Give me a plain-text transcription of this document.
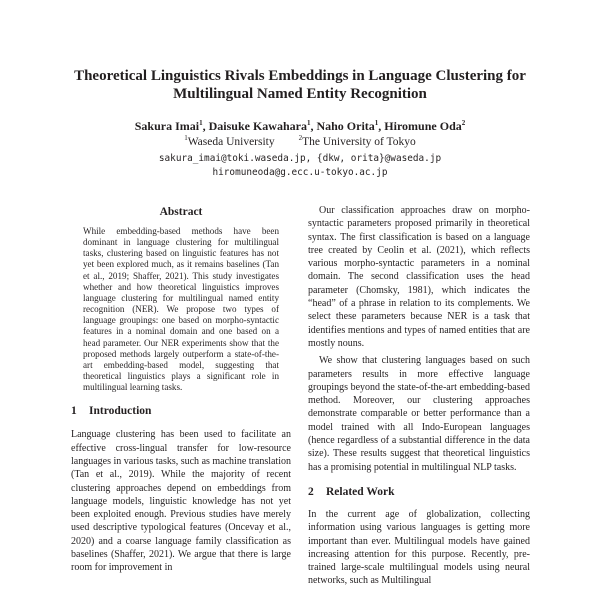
Theoretical Linguistics Rivals Embeddings in Language Clustering for
Multilingual Named Entity Recognition
Sakura Imai$^1$, Daisuke Kawahara$^1$, Naho Orita$^1$, Hiromune Oda$^2$
$^1$Waseda University	$^2$The University of Tokyo
sakura_imai@toki.waseda.jp, {dkw, orita}@waseda.jp
hiromuneoda@g.ecc.u-tokyo.ac.jp
Abstract

While embedding-based methods have been dominant in language clustering for multilingual tasks, clustering based on linguistic features has not yet been explored much, as it remains baselines (Tan et al., 2019; Shaffer, 2021). This study investigates whether and how theoretical linguistics improves language clustering for multilingual named entity recognition (NER). We propose two types of language groupings: one based on morpho-syntactic features in a nominal domain and one based on a head parameter. Our NER experiments show that the proposed methods largely outperform a state-of-the-art embedding-based model, suggesting that theoretical linguistics plays a significant role in multilingual learning tasks.

1 Introduction

Language clustering has been used to facilitate an effective cross-lingual transfer for low-resource languages in various tasks, such as machine translation (Tan et al., 2019). While the majority of recent clustering approaches depend on embeddings from language models, linguistic knowledge has not yet been exploited enough. Previous studies have merely used descriptive typological features (Oncevay et al., 2020) and a coarse language family classification as baselines (Shaffer, 2021). We argue that there is large room for improvement in

Our classification approaches draw on morpho-syntactic parameters proposed primarily in theoretical syntax. The first classification is based on a language tree created by Ceolin et al. (2021), which reflects various morpho-syntactic parameters in a nominal domain. The second classification uses the head parameter (Chomsky, 1981), which indicates the “head” of a phrase in relation to its complements. We select these parameters because NER is a task that identifies mentions and types of named entities that are mostly nouns.

We show that clustering languages based on such parameters results in more effective language groupings beyond the state-of-the-art embedding-based method. Moreover, our clustering approaches demonstrate comparable or better performance than a model trained with all Indo-European languages (hence regardless of a substantial difference in the data size). These results suggest that theoretical linguistics has a promising potential in multilingual NLP tasks.

2 Related Work

In the current age of globalization, collecting information using various languages is getting more important than ever. Multilingual models have gained increasing attention for this purpose. Recently, pre-trained large-scale multilingual models using neural networks, such as Multilingual
